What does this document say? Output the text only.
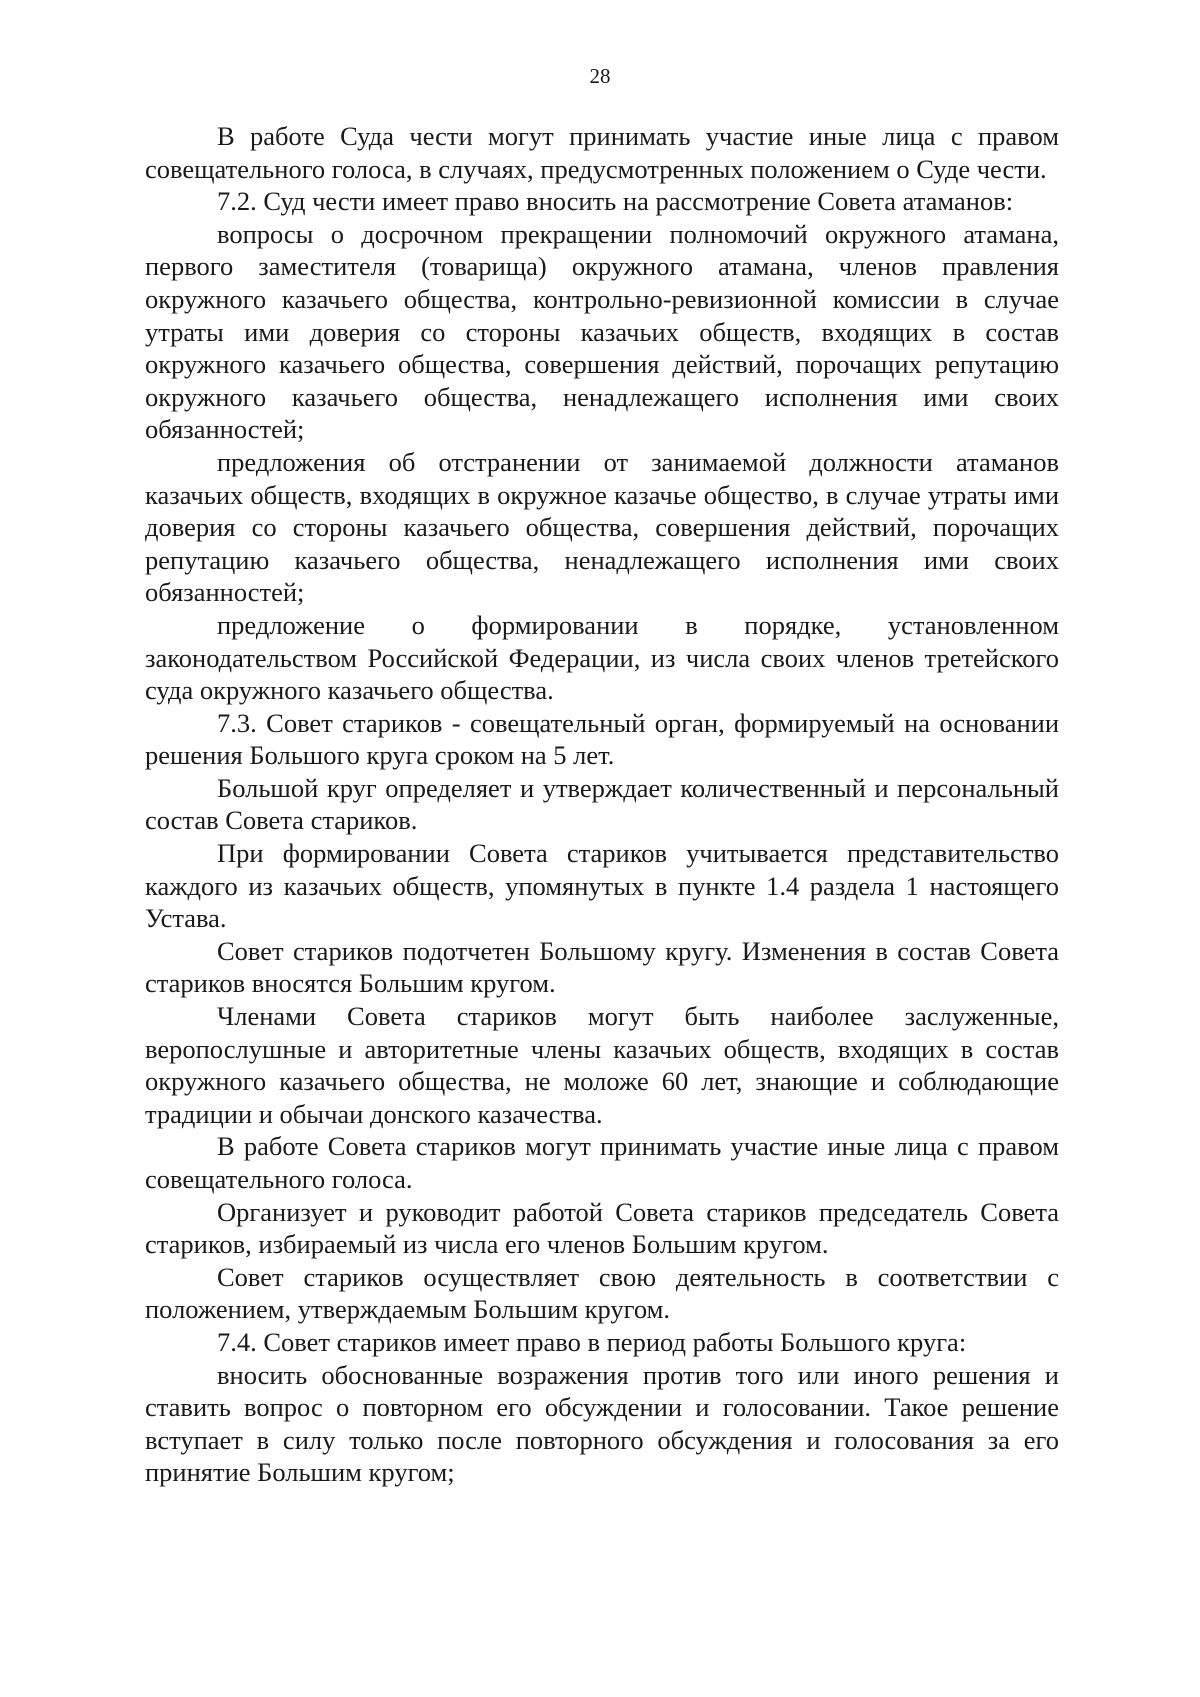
28

В работе Суда чести могут принимать участие иные лица с правом совещательного голоса, в случаях, предусмотренных положением о Суде чести.

7.2. Суд чести имеет право вносить на рассмотрение Совета атаманов:

вопросы о досрочном прекращении полномочий окружного атамана, первого заместителя (товарища) окружного атамана, членов правления окружного казачьего общества, контрольно-ревизионной комиссии в случае утраты ими доверия со стороны казачьих обществ, входящих в состав окружного казачьего общества, совершения действий, порочащих репутацию окружного казачьего общества, ненадлежащего исполнения ими своих обязанностей;

предложения об отстранении от занимаемой должности атаманов казачьих обществ, входящих в окружное казачье общество, в случае утраты ими доверия со стороны казачьего общества, совершения действий, порочащих репутацию казачьего общества, ненадлежащего исполнения ими своих обязанностей;

предложение о формировании в порядке, установленном законодательством Российской Федерации, из числа своих членов третейского суда окружного казачьего общества.

7.3. Совет стариков - совещательный орган, формируемый на основании решения Большого круга сроком на 5 лет.

Большой круг определяет и утверждает количественный и персональный состав Совета стариков.

При формировании Совета стариков учитывается представительство каждого из казачьих обществ, упомянутых в пункте 1.4 раздела 1 настоящего Устава.

Совет стариков подотчетен Большому кругу. Изменения в состав Совета стариков вносятся Большим кругом.

Членами Совета стариков могут быть наиболее заслуженные, веропослушные и авторитетные члены казачьих обществ, входящих в состав окружного казачьего общества, не моложе 60 лет, знающие и соблюдающие традиции и обычаи донского казачества.

В работе Совета стариков могут принимать участие иные лица с правом совещательного голоса.

Организует и руководит работой Совета стариков председатель Совета стариков, избираемый из числа его членов Большим кругом.

Совет стариков осуществляет свою деятельность в соответствии с положением, утверждаемым Большим кругом.

7.4. Совет стариков имеет право в период работы Большого круга:

вносить обоснованные возражения против того или иного решения и ставить вопрос о повторном его обсуждении и голосовании. Такое решение вступает в силу только после повторного обсуждения и голосования за его принятие Большим кругом;
